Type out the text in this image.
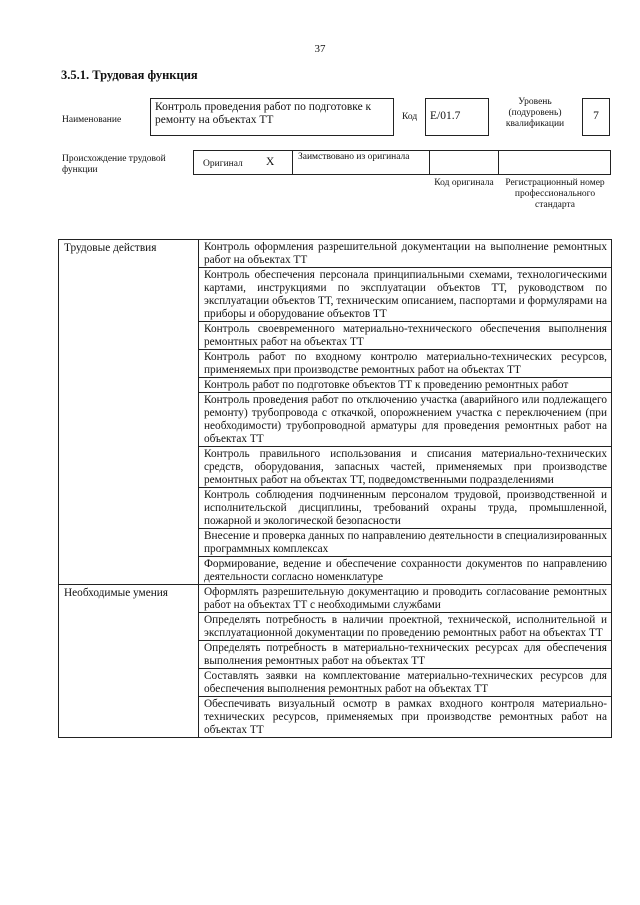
37
3.5.1. Трудовая функция
Наименование
Контроль проведения работ по подготовке к ремонту на объектах ТТ	Код	E/01.7
Уровень (подуровень) квалификации
7
Происхождение трудовой функции
Оригинал X Заимствовано из оригинала
Код оригинала	Регистрационный номер профессионального стандарта
Трудовые действия	Контроль оформления разрешительной документации на выполнение ремонтных работ на объектах ТТ
	Контроль обеспечения персонала принципиальными схемами, технологическими картами, инструкциями по эксплуатации объектов ТТ, руководством по эксплуатации объектов ТТ, техническим описанием, паспортами и формулярами на приборы и оборудование объектов ТТ
	Контроль своевременного материально-технического обеспечения выполнения ремонтных работ на объектах ТТ
	Контроль работ по входному контролю материально-технических ресурсов, применяемых при производстве ремонтных работ на объектах ТТ
	Контроль работ по подготовке объектов ТТ к проведению ремонтных работ
	Контроль проведения работ по отключению участка (аварийного или подлежащего ремонту) трубопровода с откачкой, опорожнением участка с переключением (при необходимости) трубопроводной арматуры для проведения ремонтных работ на объектах ТТ
	Контроль правильного использования и списания материально-технических средств, оборудования, запасных частей, применяемых при производстве ремонтных работ на объектах ТТ, подведомственными подразделениями
	Контроль соблюдения подчиненным персоналом трудовой, производственной и исполнительской дисциплины, требований охраны труда, промышленной, пожарной и экологической безопасности
	Внесение и проверка данных по направлению деятельности в специализированных программных комплексах
	Формирование, ведение и обеспечение сохранности документов по направлению деятельности согласно номенклатуре
Необходимые умения	Оформлять разрешительную документацию и проводить согласование ремонтных работ на объектах ТТ с необходимыми службами
	Определять потребность в наличии проектной, технической, исполнительной и эксплуатационной документации по проведению ремонтных работ на объектах ТТ
	Определять потребность в материально-технических ресурсах для обеспечения выполнения ремонтных работ на объектах ТТ
	Составлять заявки на комплектование материально-технических ресурсов для обеспечения выполнения ремонтных работ на объектах ТТ
	Обеспечивать визуальный осмотр в рамках входного контроля материально-технических ресурсов, применяемых при производстве ремонтных работ на объектах ТТ
